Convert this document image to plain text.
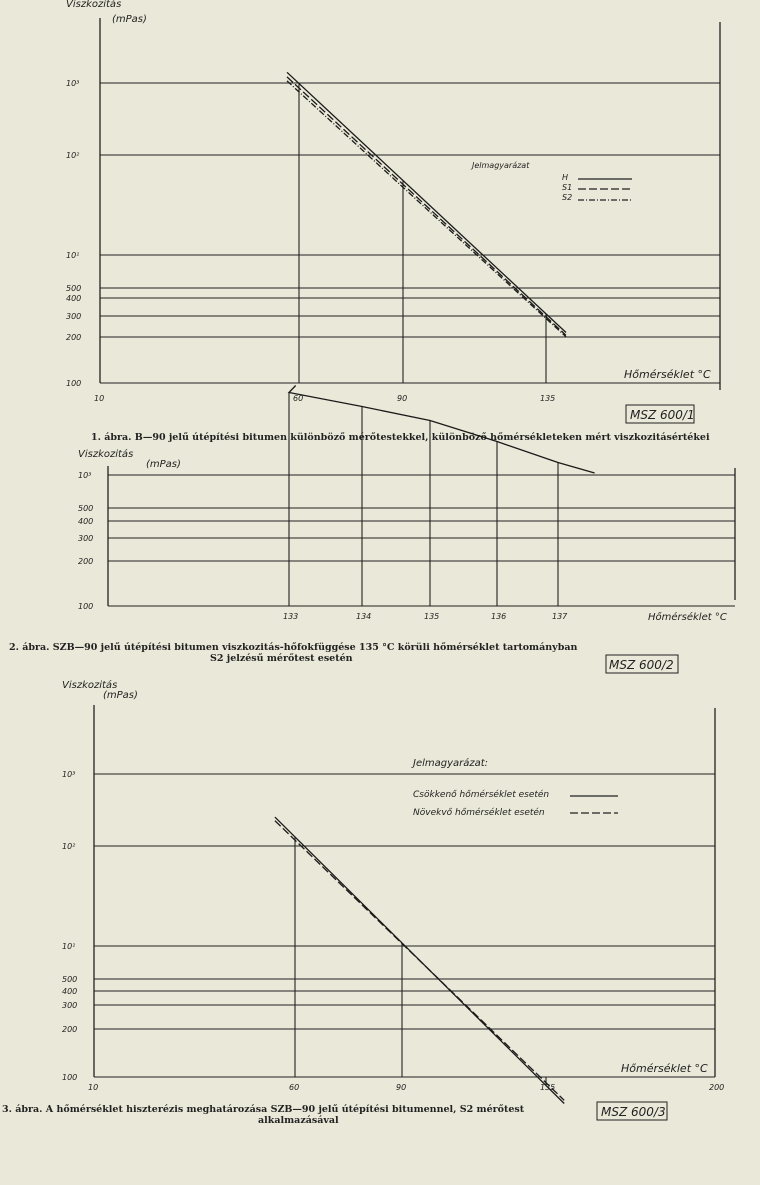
10³
10²
10¹
500
400
300
200
100
10	60	90	135
Viszkozitás
(mPas)
Hőmérséklet °C
Jelmagyarázat
H
S1
S2
MSZ 600/1
1. ábra. B—90 jelű útépítési bitumen különböző mérőtestekkel, különböző hőmérsékleteken mért viszkozitásértékei
10³
500
400
300
200
100
133	134	135	136	137
Viszkozitás
(mPas)
Hőmérséklet °C
2. ábra. SZB—90 jelű útépítési bitumen viszkozitás-hőfokfüggése 135 °C körüli hőmérséklet tartományban
S2 jelzésű mérőtest esetén	MSZ 600/2
10³
10²
10¹
500
400
300
200
100
10	60	90	135	200
Viszkozitás
(mPas)
Hőmérséklet °C
Jelmagyarázat:
Csökkenő hőmérséklet esetén
Növekvő hőmérséklet esetén
MSZ 600/3
3. ábra. A hőmérséklet hiszterézis meghatározása SZB—90 jelű útépítési bitumennel, S2 mérőtest
alkalmazásával
